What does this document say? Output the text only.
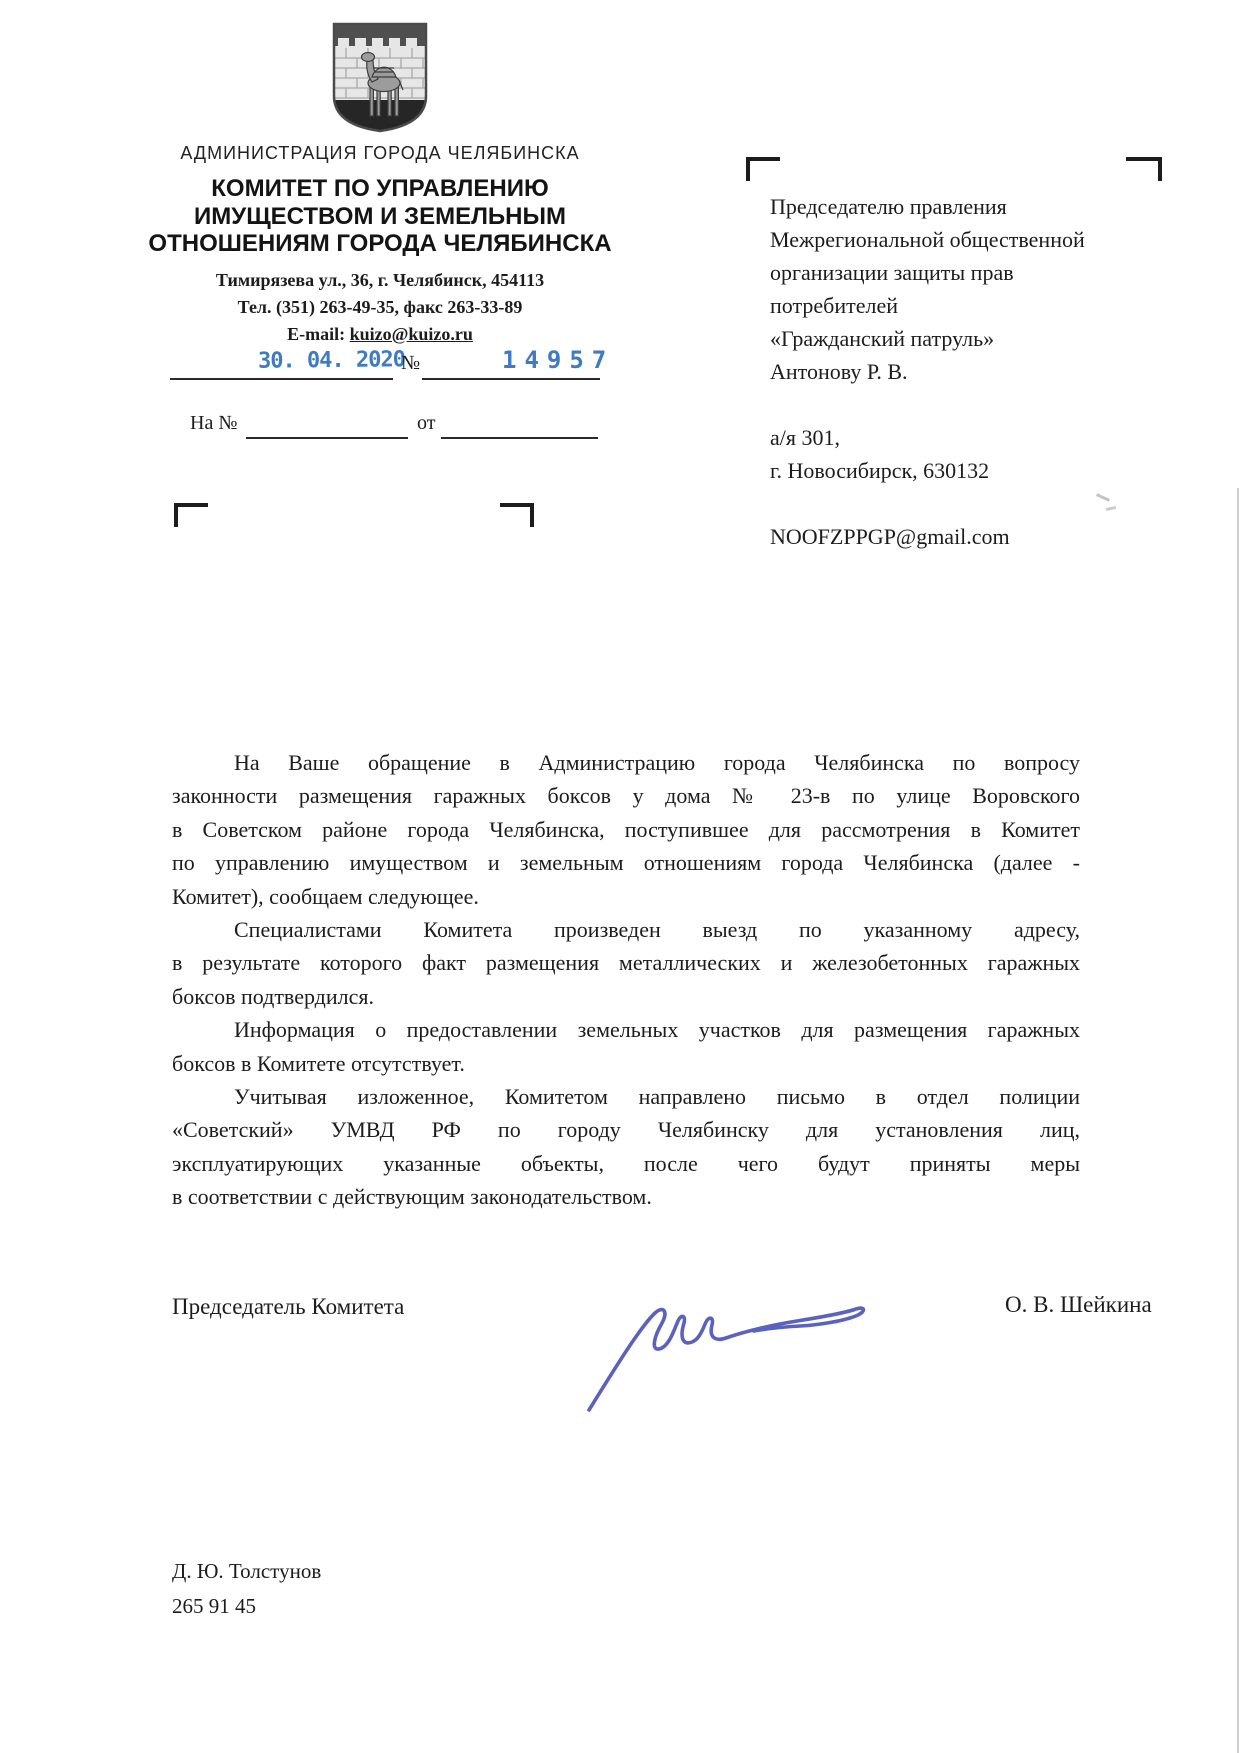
АДМИНИСТРАЦИЯ ГОРОДА ЧЕЛЯБИНСКА
КОМИТЕТ ПО УПРАВЛЕНИЮ
ИМУЩЕСТВОМ И ЗЕМЕЛЬНЫМ
ОТНОШЕНИЯМ ГОРОДА ЧЕЛЯБИНСКА
Тимирязева ул., 36, г. Челябинск, 454113
Тел. (351) 263-49-35, факс 263-33-89
E-mail: kuizo@kuizo.ru
30. 04. 2020
№	14957
На №	от
Председателю правления
Межрегиональной общественной
организации защиты прав
потребителей
«Гражданский патруль»
Антонову Р. В.
а/я 301,
г. Новосибирск, 630132
NOOFZPPGP@gmail.com
На Ваше обращение в Администрацию города Челябинска по вопросу
законности размещения гаражных боксов у дома № 23-в по улице Воровского
в Советском районе города Челябинска, поступившее для рассмотрения в Комитет
по управлению имуществом и земельным отношениям города Челябинска (далее -
Комитет), сообщаем следующее.
Специалистами Комитета произведен выезд по указанному адресу,
в результате которого факт размещения металлических и железобетонных гаражных
боксов подтвердился.
Информация о предоставлении земельных участков для размещения гаражных
боксов в Комитете отсутствует.
Учитывая изложенное, Комитетом направлено письмо в отдел полиции
«Советский» УМВД РФ по городу Челябинску для установления лиц,
эксплуатирующих указанные объекты, после чего будут приняты меры
в соответствии с действующим законодательством.
Председатель Комитета	О. В. Шейкина
Д. Ю. Толстунов
265 91 45
